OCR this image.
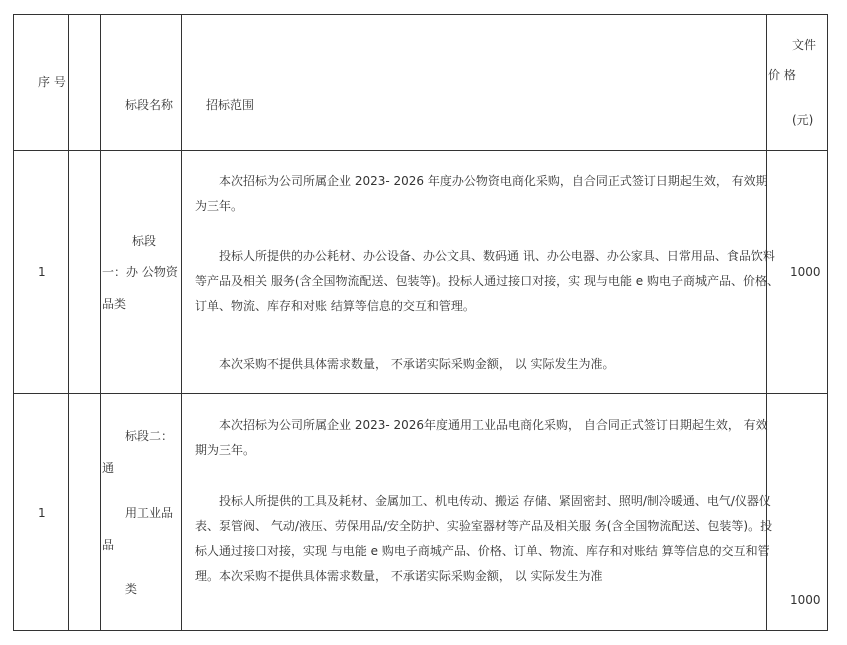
序 号
标段名称	招标范围
文件
价 格
(元)
1
标段
一：办 公物资
品类
本次招标为公司所属企业 2023- 2026 年度办公物资电商化采购，自合同正式签订日期起生效， 有效期为三年。
投标人所提供的办公耗材、办公设备、办公文具、数码通 讯、办公电器、办公家具、日常用品、食品饮料等产品及相关 服务(含全国物流配送、包装等)。投标人通过接口对接，实 现与电能 e 购电子商城产品、价格、订单、物流、库存和对账 结算等信息的交互和管理。
本次采购不提供具体需求数量， 不承诺实际采购金额， 以 实际发生为准。
1000
1
标段二：
通
用工业品
品
类
本次招标为公司所属企业 2023- 2026年度通用工业品电商化采购， 自合同正式签订日期起生效， 有效期为三年。
投标人所提供的工具及耗材、金属加工、机电传动、搬运 存储、紧固密封、照明/制冷暖通、电气/仪器仪表、泵管阀、 气动/液压、劳保用品/安全防护、实验室器材等产品及相关服 务(含全国物流配送、包装等)。投标人通过接口对接，实现 与电能 e 购电子商城产品、价格、订单、物流、库存和对账结 算等信息的交互和管理。本次采购不提供具体需求数量， 不承诺实际采购金额， 以 实际发生为准
1000
